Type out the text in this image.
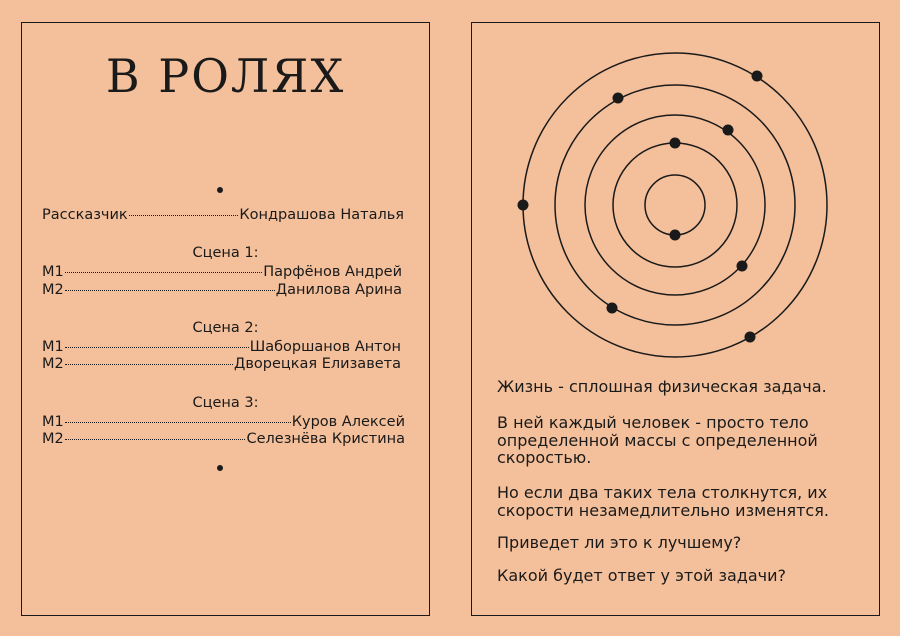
В РОЛЯХ
Рассказчик	Кондрашова Наталья
Сцена 1:
М1	Парфёнов Андрей
М2	Данилова Арина
Сцена 2:
М1	Шаборшанов Антон
М2	Дворецкая Елизавета
Сцена 3:
М1	Куров Алексей
М2	Селезнёва Кристина
Жизнь - сплошная физическая задача.
В ней каждый человек - просто тело определенной массы с определенной скоростью.
Но если два таких тела столкнутся, их скорости незамедлительно изменятся.
Приведет ли это к лучшему?
Какой будет ответ у этой задачи?
